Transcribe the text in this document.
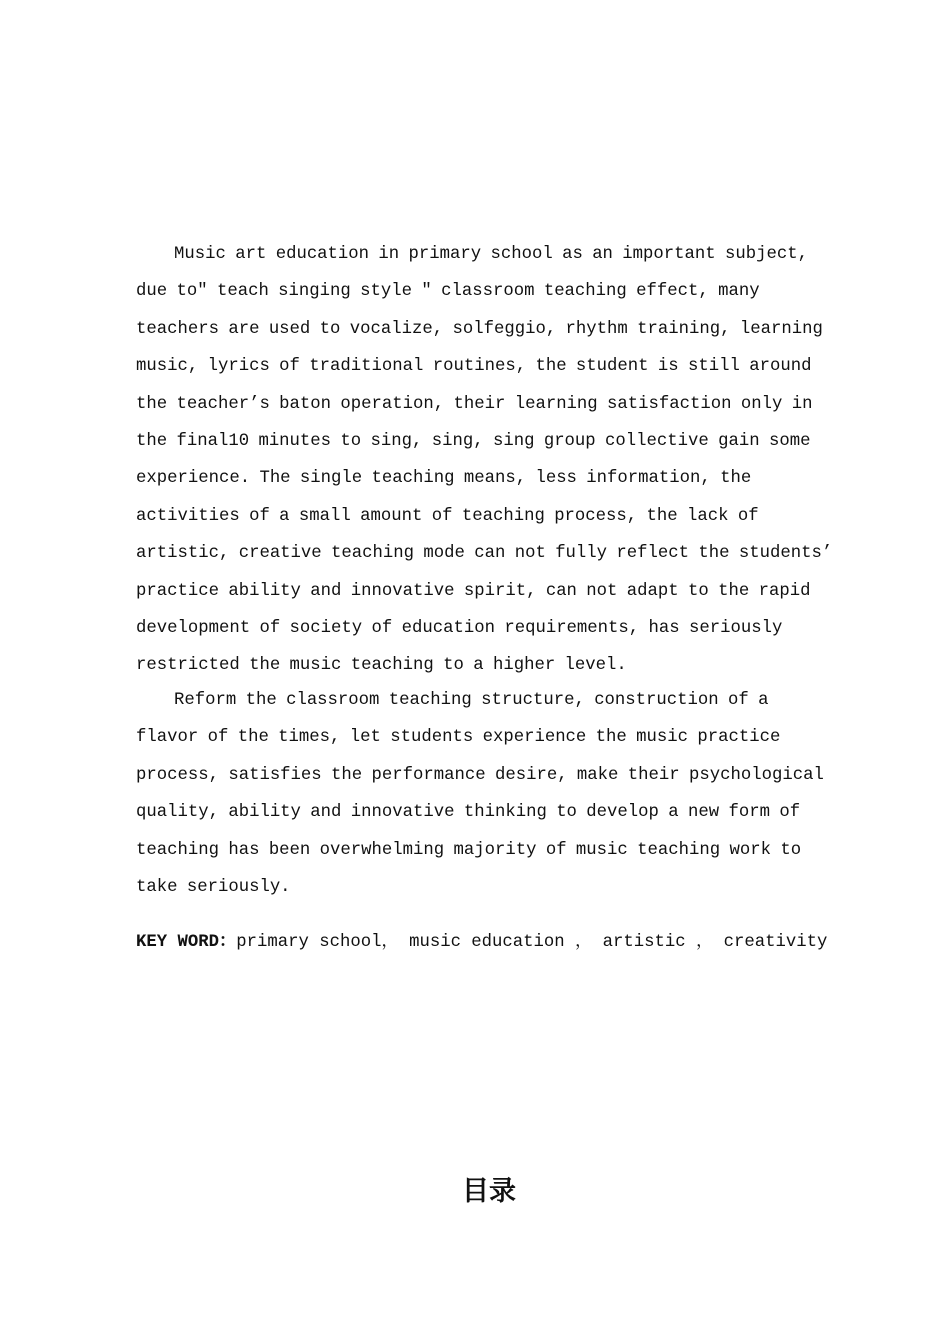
Music art education in primary school as an important subject, due to″ teach singing style ″ classroom teaching effect, many teachers are used to vocalize, solfeggio, rhythm training, learning music, lyrics of traditional routines, the student is still around the teacher’s baton operation, their learning satisfaction only in the final10 minutes to sing, sing, sing group collective gain some experience. The single teaching means, less information, the activities of a small amount of teaching process, the lack of artistic, creative teaching mode can not fully reflect the students’ practice ability and innovative spirit, can not adapt to the rapid development of society of education requirements, has seriously restricted the music teaching to a higher level.

Reform the classroom teaching structure, construction of a flavor of the times, let students experience the music practice process, satisfies the performance desire, make their psychological quality, ability and innovative thinking to develop a new form of teaching has been overwhelming majority of music teaching work to take seriously.

KEY WORD：primary school， music education ， artistic ， creativity
目录
